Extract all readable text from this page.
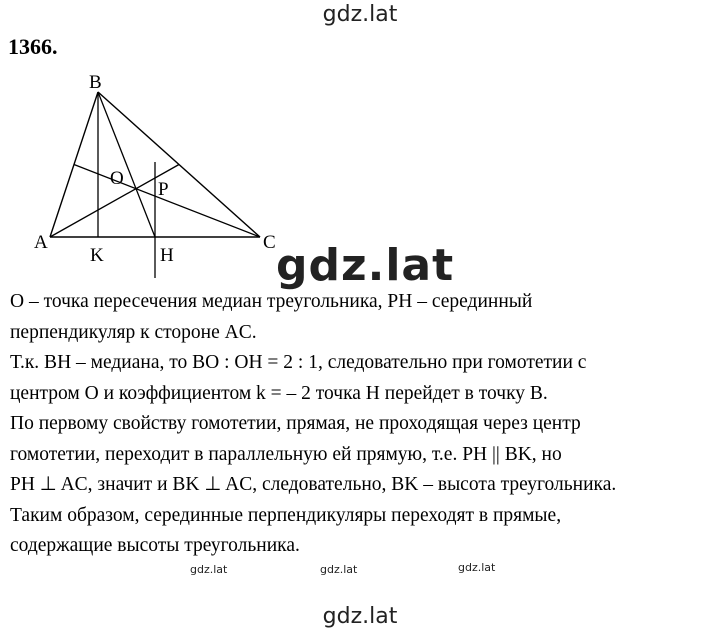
gdz.lat
1366.
A
B
C
O
P
K	H gdz.lat

O – точка пересечения медиан треугольника, PH – серединный

перпендикуляр к стороне AC.

Т.к. BH – медиана, то BO : OH = 2 : 1, следовательно при гомотетии с

центром O и коэффициентом k = – 2 точка H перейдет в точку B.

По первому свойству гомотетии, прямая, не проходящая через центр

гомотетии, переходит в параллельную ей прямую, т.е. PH || BK, но

PH ⊥ AC, значит и BK ⊥ AC, следовательно, BK – высота треугольника.

Таким образом, серединные перпендикуляры переходят в прямые,

содержащие высоты треугольника.

gdz.lat	gdz.lat	gdz.lat
gdz.lat
